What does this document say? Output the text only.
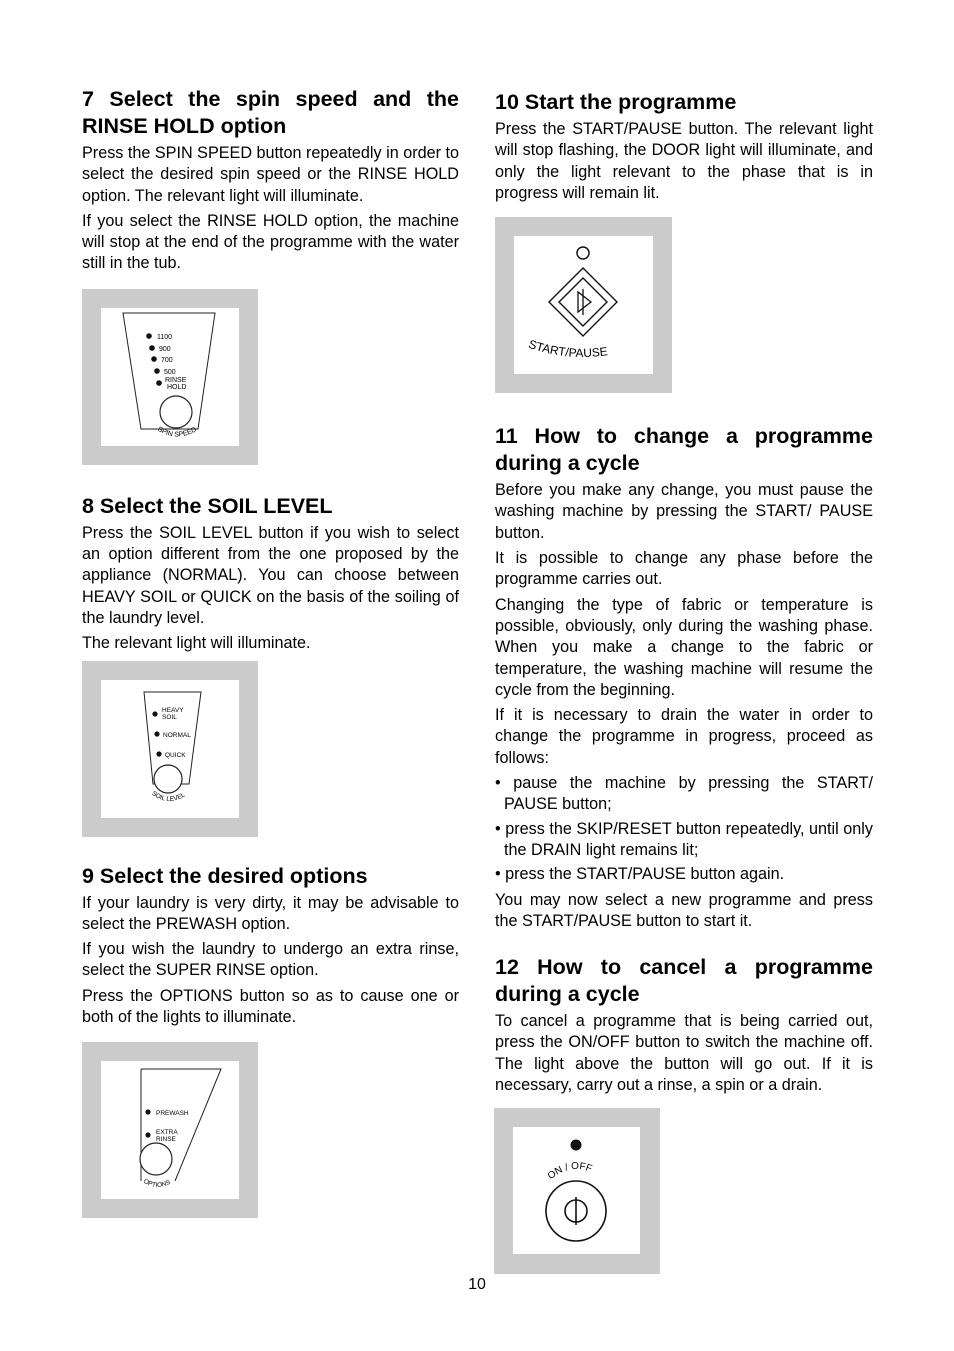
7 Select the spin speed and the RINSE HOLD option

Press the SPIN SPEED button repeatedly in order to select the desired spin speed or the RINSE HOLD option. The relevant light will illuminate.

If you select the RINSE HOLD option, the machine will stop at the end of the programme with the water still in the tub.

1100
900
700
500
RINSE
HOLD
SPIN SPEED
8 Select the SOIL LEVEL

Press the SOIL LEVEL button if you wish to select an option different from the one proposed by the appliance (NORMAL). You can choose between HEAVY SOIL or QUICK on the basis of the soiling of the laundry level.

The relevant light will illuminate.

HEAVY
SOIL
NORMAL
QUICK
SOIL LEVEL
9 Select the desired options

If your laundry is very dirty, it may be advisable to select the PREWASH option.

If you wish the laundry to undergo an extra rinse, select the SUPER RINSE option.

Press the OPTIONS button so as to cause one or both of the lights to illuminate.

PREWASH
EXTRA
RINSE
OPTIONS
10 Start the programme

Press the START/PAUSE button. The relevant light will stop flashing, the DOOR light will illuminate, and only the light relevant to the phase that is in progress will remain lit.

START/PAUSE
11 How to change a programme during a cycle

Before you make any change, you must pause the washing machine by pressing the START/ PAUSE button.

It is possible to change any phase before the programme carries out.

Changing the type of fabric or temperature is possible, obviously, only during the washing phase. When you make a change to the fabric or temperature, the washing machine will resume the cycle from the beginning.

If it is necessary to drain the water in order to change the programme in progress, proceed as follows:

• pause the machine by pressing the START/ PAUSE button;
• press the SKIP/RESET button repeatedly, until only the DRAIN light remains lit;
• press the START/PAUSE button again.

You may now select a new programme and press the START/PAUSE button to start it.

12 How to cancel a programme during a cycle

To cancel a programme that is being carried out, press the ON/OFF button to switch the machine off. The light above the button will go out. If it is necessary, carry out a rinse, a spin or a drain.

ON / OFF
10
